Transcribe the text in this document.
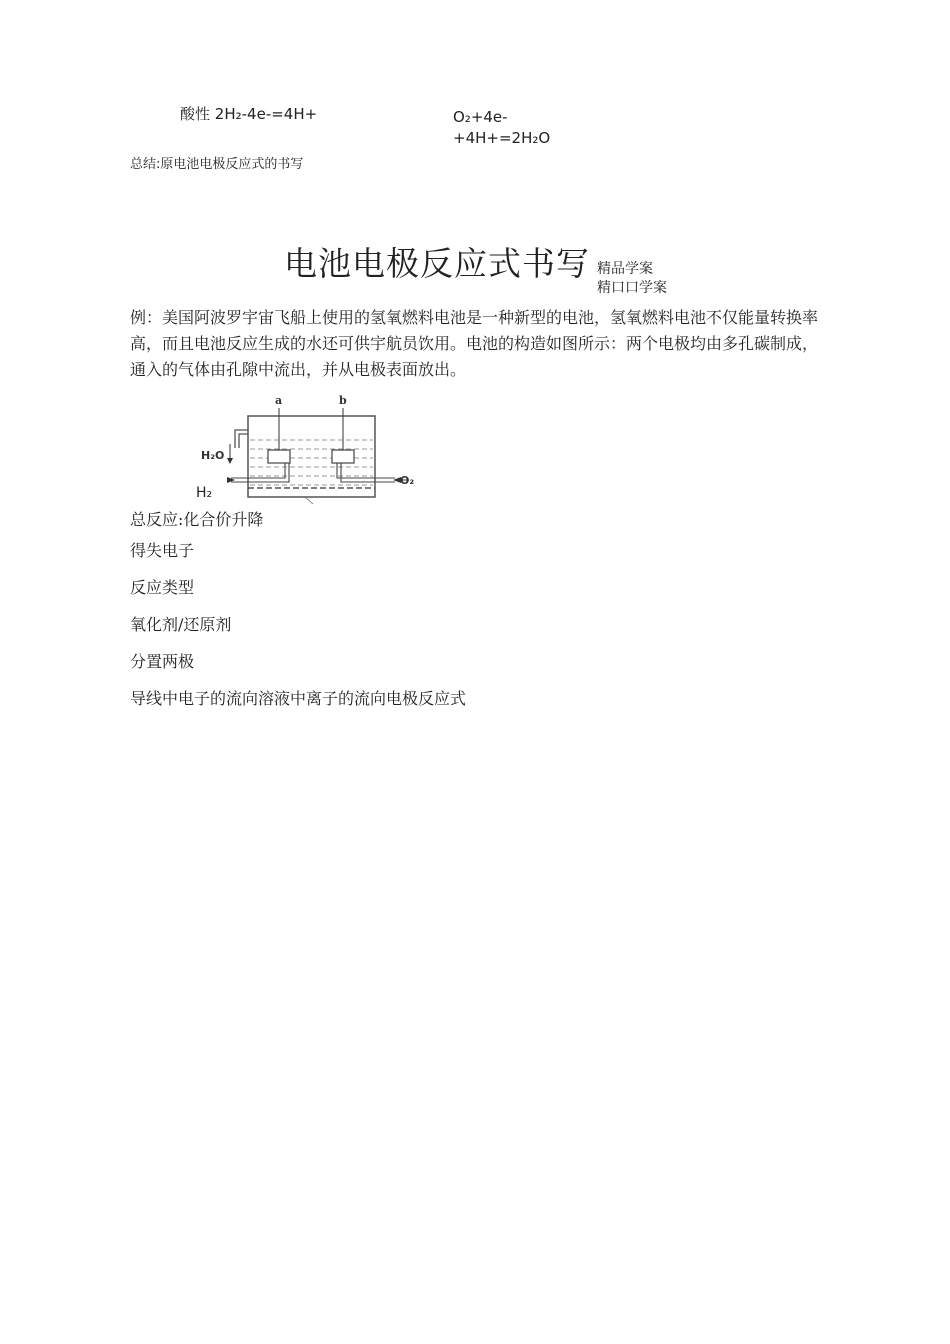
酸性 2H₂-4e-=4H+	O₂+4e-
+4H+=2H₂O
总结:原电池电极反应式的书写
电池电极反应式书写 精品学案
精口口学案
例：美国阿波罗宇宙飞船上使用的氢氧燃料电池是一种新型的电池，氢氧燃料电池不仅能量转换率高，而且电池反应生成的水还可供宇航员饮用。电池的构造如图所示：两个电极均由多孔碳制成，通入的气体由孔隙中流出，并从电极表面放出。
a	b
H₂O
O₂
H₂
总反应:化合价升降
得失电子
反应类型
氧化剂/还原剂
分置两极
导线中电子的流向溶液中离子的流向电极反应式
